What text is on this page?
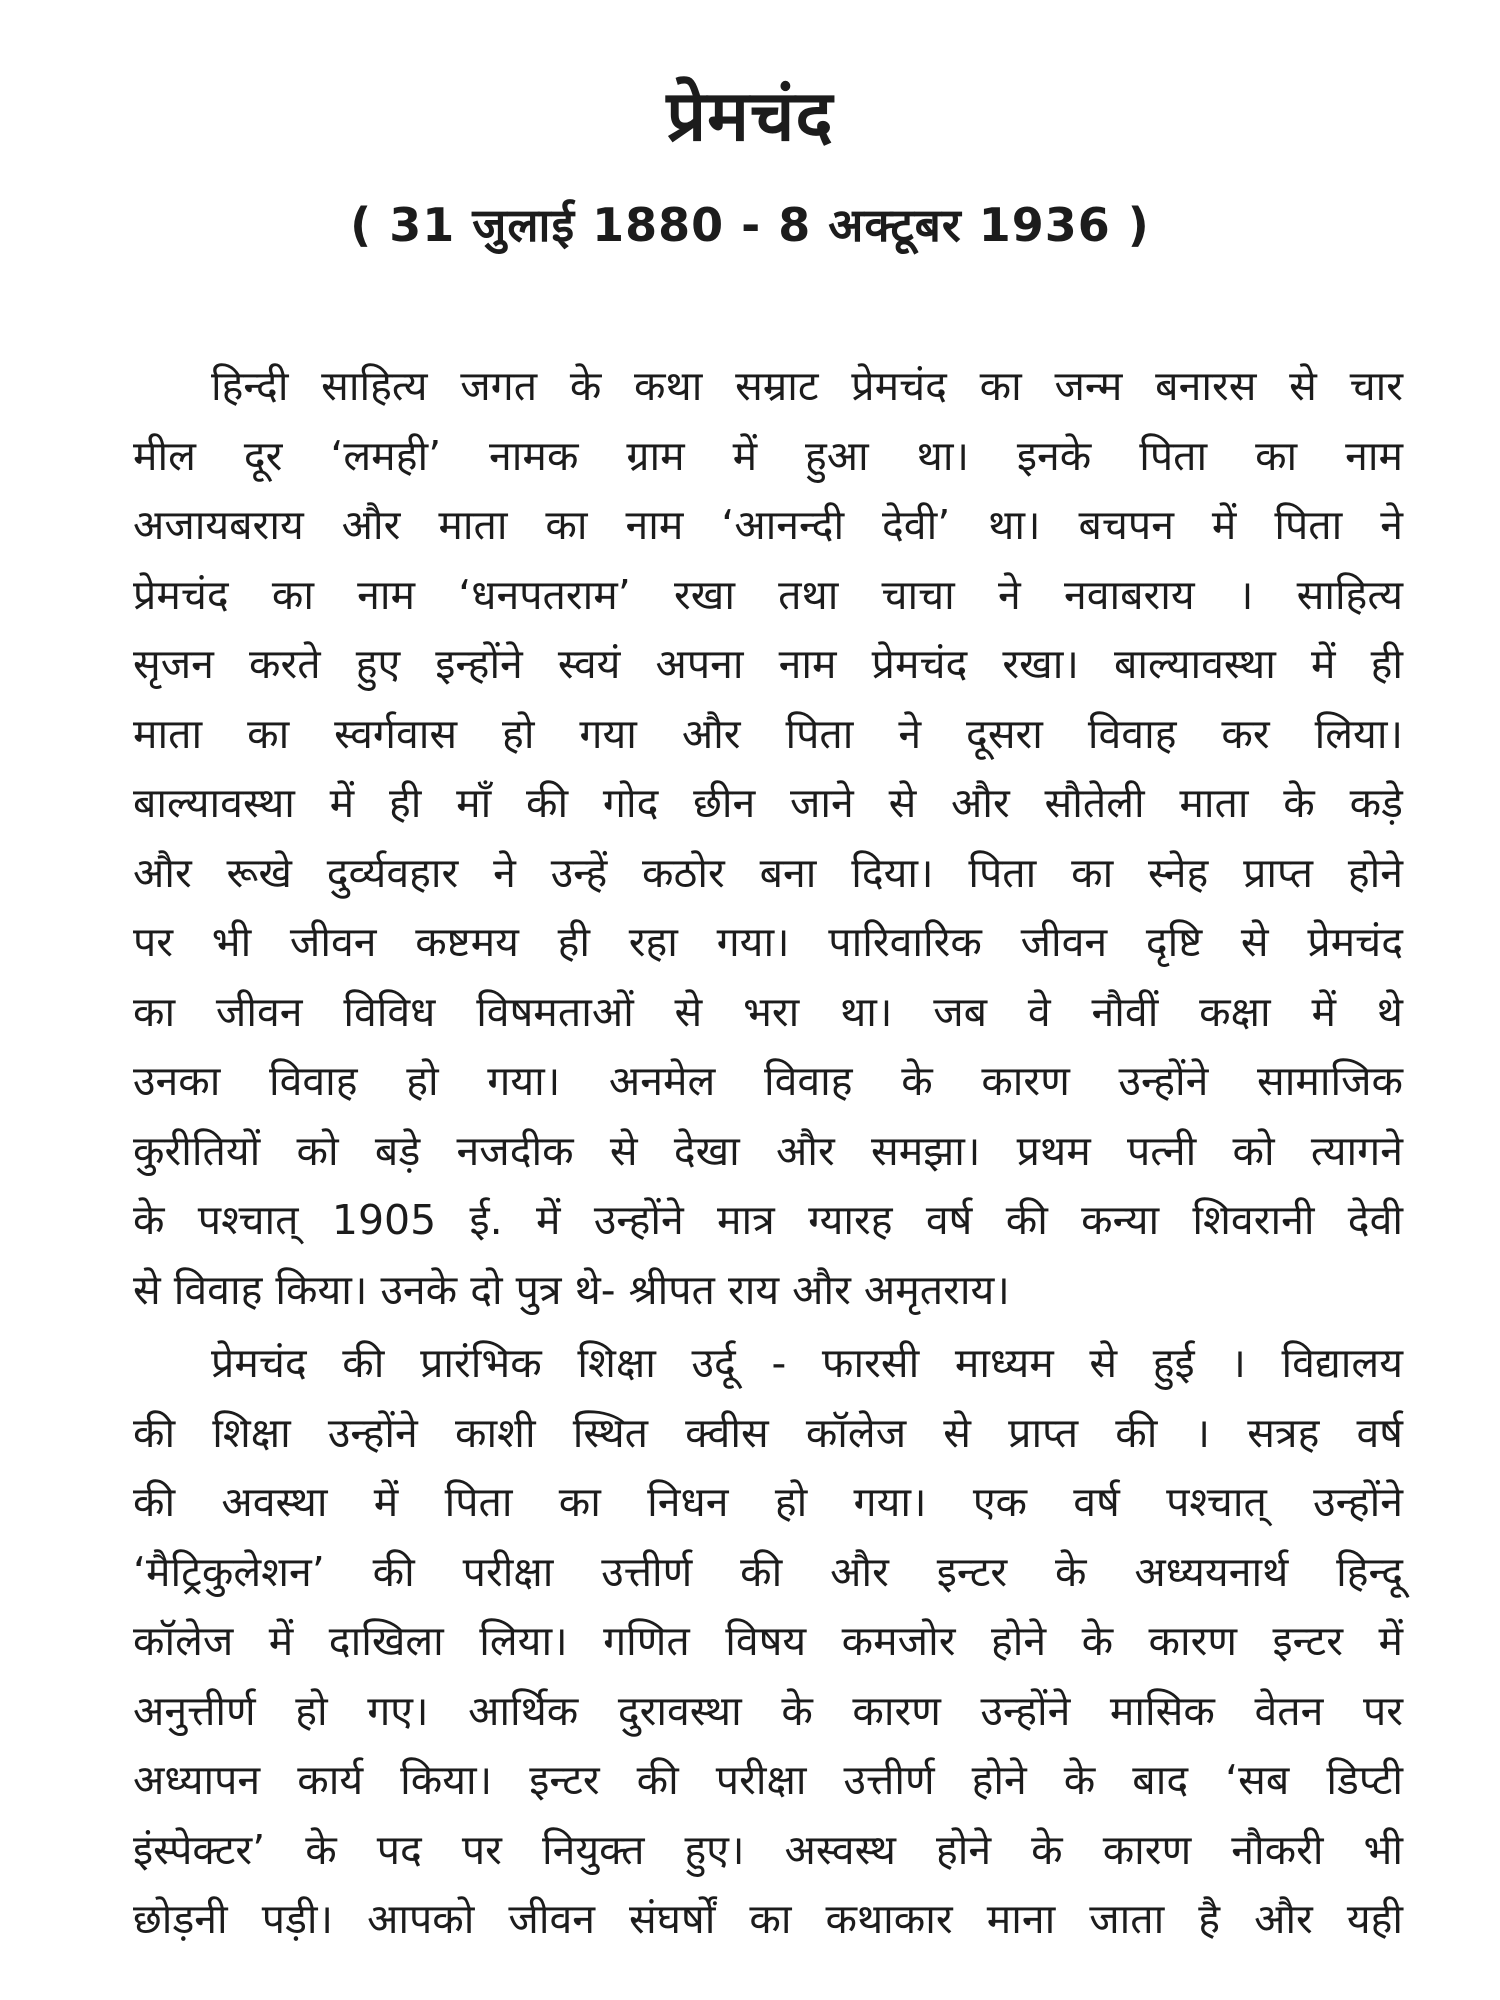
प्रेमचंद
( 31 जुलाई 1880 - 8 अक्टूबर 1936 )
हिन्दी साहित्य जगत के कथा सम्राट प्रेमचंद का जन्म बनारस से चार
मील दूर ‘लमही’ नामक ग्राम में हुआ था। इनके पिता का नाम
अजायबराय और माता का नाम ‘आनन्दी देवी’ था। बचपन में पिता ने
प्रेमचंद का नाम ‘धनपतराम’ रखा तथा चाचा ने नवाबराय । साहित्य
सृजन करते हुए इन्होंने स्वयं अपना नाम प्रेमचंद रखा। बाल्यावस्था में ही
माता का स्वर्गवास हो गया और पिता ने दूसरा विवाह कर लिया।
बाल्यावस्था में ही माँ की गोद छीन जाने से और सौतेली माता के कड़े
और रूखे दुर्व्यवहार ने उन्हें कठोर बना दिया। पिता का स्नेह प्राप्त होने
पर भी जीवन कष्टमय ही रहा गया। पारिवारिक जीवन दृष्टि से प्रेमचंद
का जीवन विविध विषमताओं से भरा था। जब वे नौवीं कक्षा में थे
उनका विवाह हो गया। अनमेल विवाह के कारण उन्होंने सामाजिक
कुरीतियों को बड़े नजदीक से देखा और समझा। प्रथम पत्नी को त्यागने
के पश्चात् 1905 ई. में उन्होंने मात्र ग्यारह वर्ष की कन्या शिवरानी देवी
से विवाह किया। उनके दो पुत्र थे- श्रीपत राय और अमृतराय।
प्रेमचंद की प्रारंभिक शिक्षा उर्दू - फारसी माध्यम से हुई । विद्यालय
की शिक्षा उन्होंने काशी स्थित क्वीस कॉलेज से प्राप्त की । सत्रह वर्ष
की अवस्था में पिता का निधन हो गया। एक वर्ष पश्चात् उन्होंने
‘मैट्रिकुलेशन’ की परीक्षा उत्तीर्ण की और इन्टर के अध्ययनार्थ हिन्दू
कॉलेज में दाखिला लिया। गणित विषय कमजोर होने के कारण इन्टर में
अनुत्तीर्ण हो गए। आर्थिक दुरावस्था के कारण उन्होंने मासिक वेतन पर
अध्यापन कार्य किया। इन्टर की परीक्षा उत्तीर्ण होने के बाद ‘सब डिप्टी
इंस्पेक्टर’ के पद पर नियुक्त हुए। अस्वस्थ होने के कारण नौकरी भी
छोड़नी पड़ी। आपको जीवन संघर्षों का कथाकार माना जाता है और यही
